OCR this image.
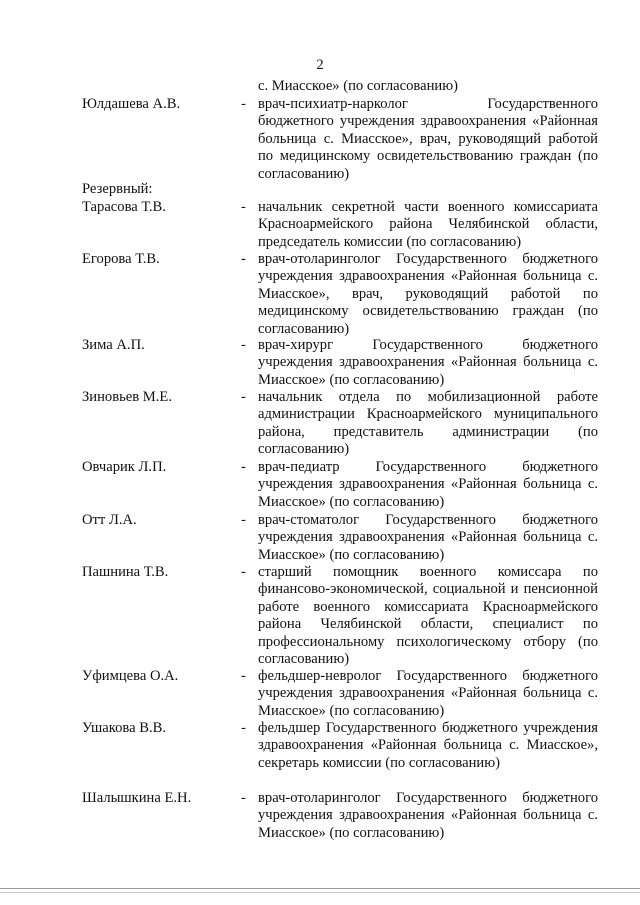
2
с. Миасское» (по согласованию)
Юлдашева А.В.	- врач-психиатр-нарколог Государственного бюджетного учреждения здравоохранения «Районная больница с. Миасское», врач, руководящий работой по медицинскому освидетельствованию граждан (по согласованию)
Резервный:
Тарасова Т.В.	- начальник секретной части военного комиссариата Красноармейского района Челябинской области, председатель комиссии (по согласованию)
Егорова Т.В.	- врач-отоларинголог Государственного бюджетного учреждения здравоохранения «Районная больница с. Миасское», врач, руководящий работой по медицинскому освидетельствованию граждан (по согласованию)
Зима А.П.	- врач-хирург Государственного бюджетного учреждения здравоохранения «Районная больница с. Миасское» (по согласованию)
Зиновьев М.Е.	- начальник отдела по мобилизационной работе администрации Красноармейского муниципального района, представитель администрации (по согласованию)
Овчарик Л.П.	- врач-педиатр Государственного бюджетного учреждения здравоохранения «Районная больница с. Миасское» (по согласованию)
Отт Л.А.	- врач-стоматолог Государственного бюджетного учреждения здравоохранения «Районная больница с. Миасское» (по согласованию)
Пашнина Т.В.	- старший помощник военного комиссара по финансово-экономической, социальной и пенсионной работе военного комиссариата Красноармейского района Челябинской области, специалист по профессиональному психологическому отбору (по согласованию)
Уфимцева О.А.	- фельдшер-невролог Государственного бюджетного учреждения здравоохранения «Районная больница с. Миасское» (по согласованию)
Ушакова В.В.	- фельдшер Государственного бюджетного учреждения здравоохранения «Районная больница с. Миасское», секретарь комиссии (по согласованию)
Шалышкина Е.Н.	- врач-отоларинголог Государственного бюджетного учреждения здравоохранения «Районная больница с. Миасское» (по согласованию)
